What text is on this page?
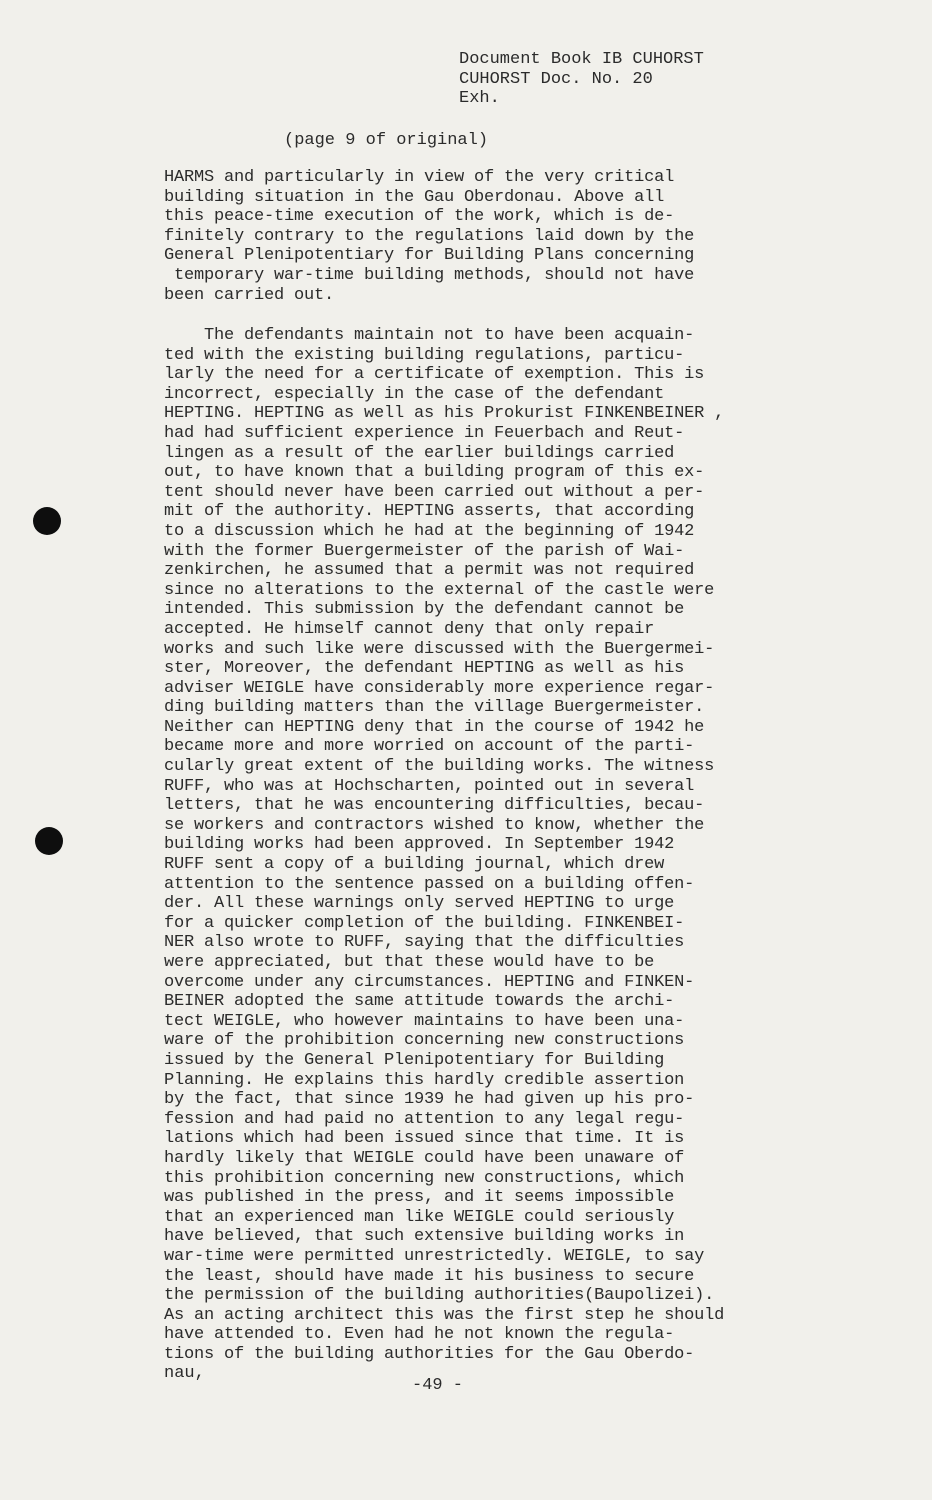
Document Book IB CUHORST
CUHORST Doc. No. 20
Exh.
(page 9 of original)
HARMS and particularly in view of the very critical
building situation in the Gau Oberdonau. Above all
this peace-time execution of the work, which is de-
finitely contrary to the regulations laid down by the
General Plenipotentiary for Building Plans concerning
temporary war-time building methods, should not have
been carried out.
The defendants maintain not to have been acquain-
ted with the existing building regulations, particu-
larly the need for a certificate of exemption. This is
incorrect, especially in the case of the defendant
HEPTING. HEPTING as well as his Prokurist FINKENBEINER ,
had had sufficient experience in Feuerbach and Reut-
lingen as a result of the earlier buildings carried
out, to have known that a building program of this ex-
tent should never have been carried out without a per-
mit of the authority. HEPTING asserts, that according
to a discussion which he had at the beginning of 1942
with the former Buergermeister of the parish of Wai-
zenkirchen, he assumed that a permit was not required
since no alterations to the external of the castle were
intended. This submission by the defendant cannot be
accepted. He himself cannot deny that only repair
works and such like were discussed with the Buergermei-
ster, Moreover, the defendant HEPTING as well as his
adviser WEIGLE have considerably more experience regar-
ding building matters than the village Buergermeister.
Neither can HEPTING deny that in the course of 1942 he
became more and more worried on account of the parti-
cularly great extent of the building works. The witness
RUFF, who was at Hochscharten, pointed out in several
letters, that he was encountering difficulties, becau-
se workers and contractors wished to know, whether the
building works had been approved. In September 1942
RUFF sent a copy of a building journal, which drew
attention to the sentence passed on a building offen-
der. All these warnings only served HEPTING to urge
for a quicker completion of the building. FINKENBEI-
NER also wrote to RUFF, saying that the difficulties
were appreciated, but that these would have to be
overcome under any circumstances. HEPTING and FINKEN-
BEINER adopted the same attitude towards the archi-
tect WEIGLE, who however maintains to have been una-
ware of the prohibition concerning new constructions
issued by the General Plenipotentiary for Building
Planning. He explains this hardly credible assertion
by the fact, that since 1939 he had given up his pro-
fession and had paid no attention to any legal regu-
lations which had been issued since that time. It is
hardly likely that WEIGLE could have been unaware of
this prohibition concerning new constructions, which
was published in the press, and it seems impossible
that an experienced man like WEIGLE could seriously
have believed, that such extensive building works in
war-time were permitted unrestrictedly. WEIGLE, to say
the least, should have made it his business to secure
the permission of the building authorities(Baupolizei).
As an acting architect this was the first step he should
have attended to. Even had he not known the regula-
tions of the building authorities for the Gau Oberdo-
nau,
-49 -
